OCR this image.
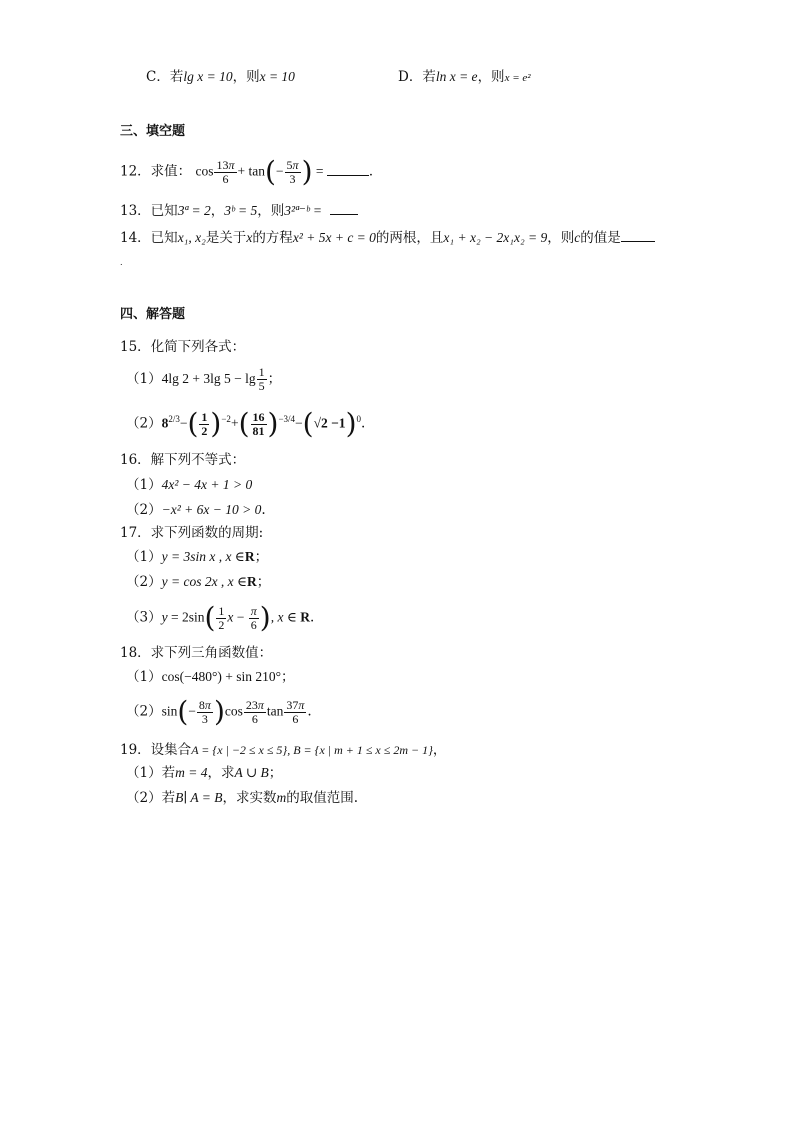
C．若lg x = 10，则x = 10	D．若ln x = e，则x = e²
三、填空题
12．求值： $\cos \frac{13\pi}{6} + \tan(- \frac{5\pi}{3}$ ) =	．
13．已知3ª = 2，3ᵇ = 5，则3²ª⁻ᵇ =
14．已知x₁, x₂是关于x的方程x² + 5x + c = 0的两根，且x₁ + x₂ − 2x₁x₂ = 9，则c的值是
.
四、解答题
15．化简下列各式：
（1）4lg 2 + 3lg $5 - \lg \frac{1}{5}$ ；
$(2)8^{2/3}-( \frac{1}{2} )^{-2}+( \frac{16}{81} )^{-3/4}-(√2 -1)^0$.
16．解下列不等式：
（1）4x² − 4x + 1 > 0
（2）−x² + 6x − 10 > 0.
17．求下列函数的周期:
（1）y = 3sin x , x ∈R；
（2）y = cos 2x , x ∈R；
$(3)y = 2\sin( \frac{1}{2}$ $x - \frac{\pi}{6}$ ), x ∈ R.
18．求下列三角函数值：
（1）cos(−480°) + sin 210°；
$(2)\sin(- \frac{8\pi}{3} )\cos \frac{23\pi}{6}$ $\tan \frac{37\pi}{6}$ .
19．设集合A = {x | −2 ≤ x ≤ 5}, B = {x | m + 1 ≤ x ≤ 2m − 1}，
（1）若m = 4，求A ∪ B；
（2）若B∣ A = B，求实数m的取值范围.
